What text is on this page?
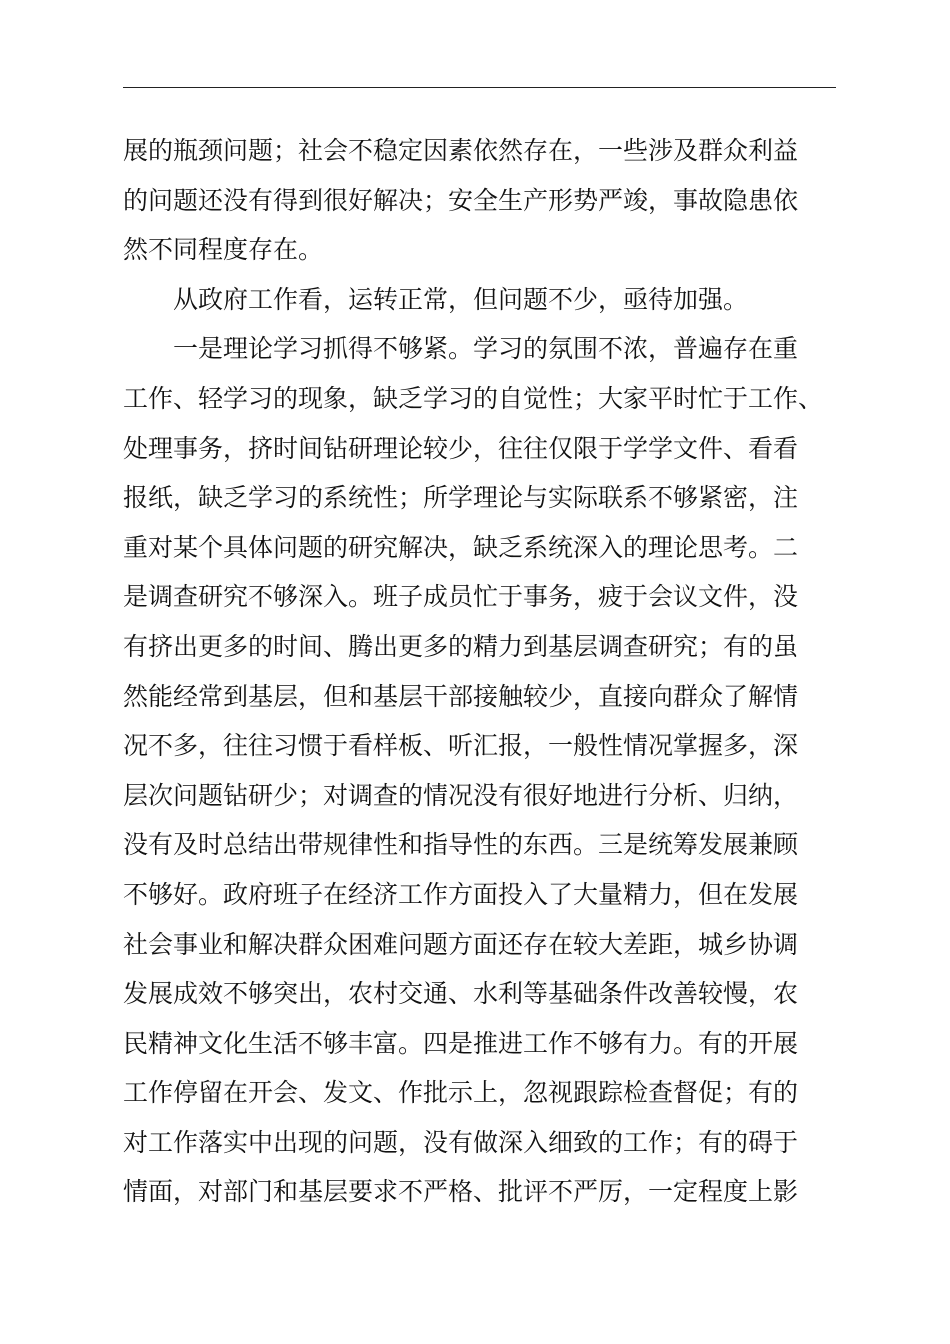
展的瓶颈问题；社会不稳定因素依然存在，一些涉及群众利益
的问题还没有得到很好解决；安全生产形势严竣，事故隐患依
然不同程度存在。
从政府工作看，运转正常，但问题不少，亟待加强。
一是理论学习抓得不够紧。学习的氛围不浓，普遍存在重
工作、轻学习的现象，缺乏学习的自觉性；大家平时忙于工作、
处理事务，挤时间钻研理论较少，往往仅限于学学文件、看看
报纸，缺乏学习的系统性；所学理论与实际联系不够紧密，注
重对某个具体问题的研究解决，缺乏系统深入的理论思考。二
是调查研究不够深入。班子成员忙于事务，疲于会议文件，没
有挤出更多的时间、腾出更多的精力到基层调查研究；有的虽
然能经常到基层，但和基层干部接触较少，直接向群众了解情
况不多，往往习惯于看样板、听汇报，一般性情况掌握多，深
层次问题钻研少；对调查的情况没有很好地进行分析、归纳，
没有及时总结出带规律性和指导性的东西。三是统筹发展兼顾
不够好。政府班子在经济工作方面投入了大量精力，但在发展
社会事业和解决群众困难问题方面还存在较大差距，城乡协调
发展成效不够突出，农村交通、水利等基础条件改善较慢，农
民精神文化生活不够丰富。四是推进工作不够有力。有的开展
工作停留在开会、发文、作批示上，忽视跟踪检查督促；有的
对工作落实中出现的问题，没有做深入细致的工作；有的碍于
情面，对部门和基层要求不严格、批评不严厉，一定程度上影
